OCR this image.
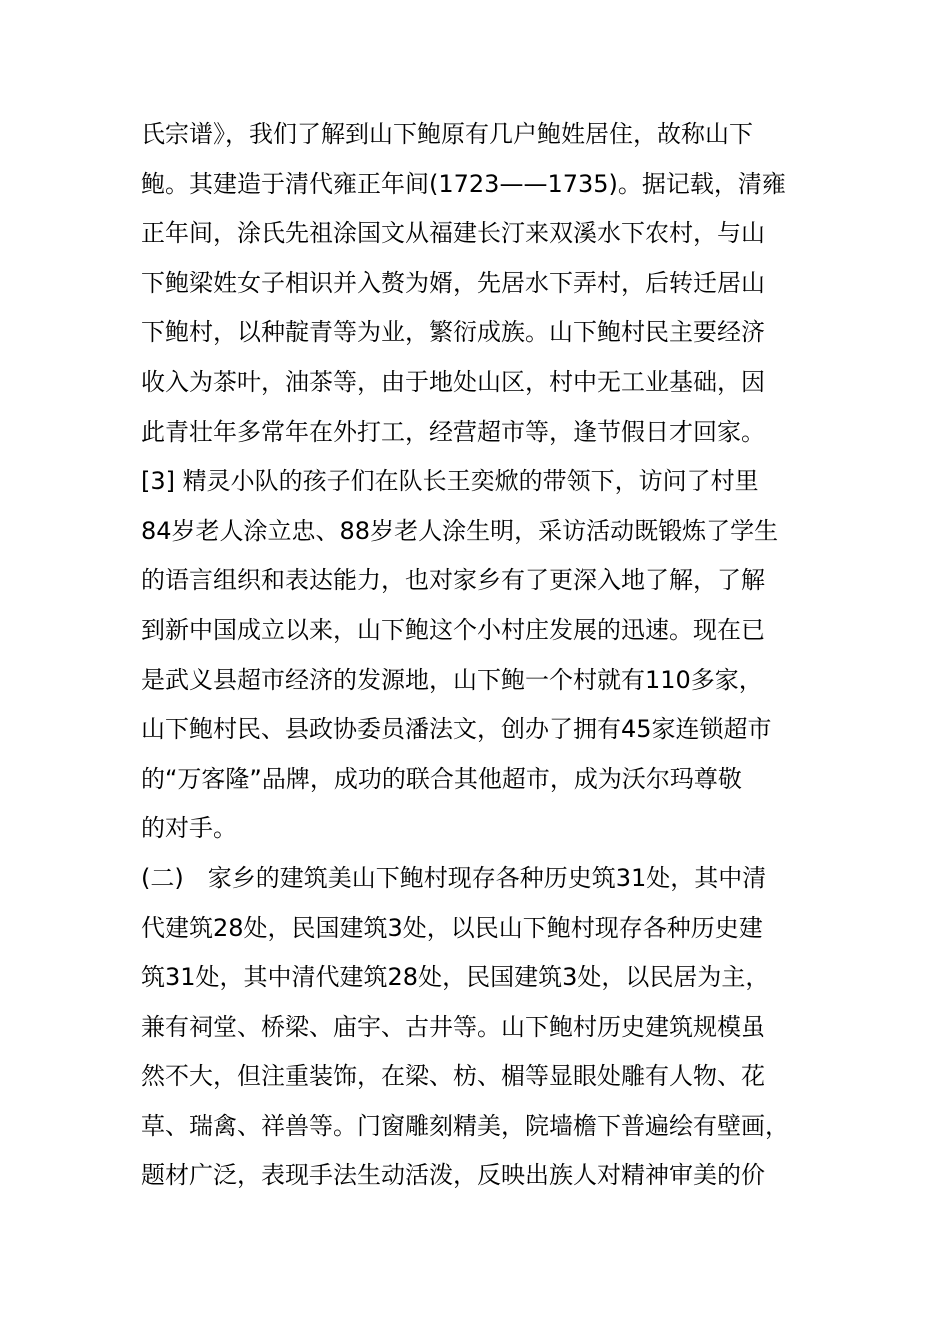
氏宗谱》，我们了解到山下鲍原有几户鲍姓居住，故称山下
鲍。其建造于清代雍正年间(1723——1735)。据记载，清雍
正年间，涂氏先祖涂国文从福建长汀来双溪水下农村，与山
下鲍梁姓女子相识并入赘为婿，先居水下弄村，后转迁居山
下鲍村，以种靛青等为业，繁衍成族。山下鲍村民主要经济
收入为茶叶，油茶等，由于地处山区，村中无工业基础，因
此青壮年多常年在外打工，经营超市等，逢节假日才回家。
[3] 精灵小队的孩子们在队长王奕焮的带领下，访问了村里
84岁老人涂立忠、88岁老人涂生明，采访活动既锻炼了学生
的语言组织和表达能力，也对家乡有了更深入地了解，了解
到新中国成立以来，山下鲍这个小村庄发展的迅速。现在已
是武义县超市经济的发源地，山下鲍一个村就有110多家，
山下鲍村民、县政协委员潘法文，创办了拥有45家连锁超市
的“万客隆”品牌，成功的联合其他超市，成为沃尔玛尊敬
的对手。
(二)　家乡的建筑美山下鲍村现存各种历史筑31处，其中清
代建筑28处，民国建筑3处，以民山下鲍村现存各种历史建
筑31处，其中清代建筑28处，民国建筑3处，以民居为主，
兼有祠堂、桥梁、庙宇、古井等。山下鲍村历史建筑规模虽
然不大，但注重装饰，在梁、枋、楣等显眼处雕有人物、花
草、瑞禽、祥兽等。门窗雕刻精美，院墙檐下普遍绘有壁画，
题材广泛，表现手法生动活泼，反映出族人对精神审美的价
